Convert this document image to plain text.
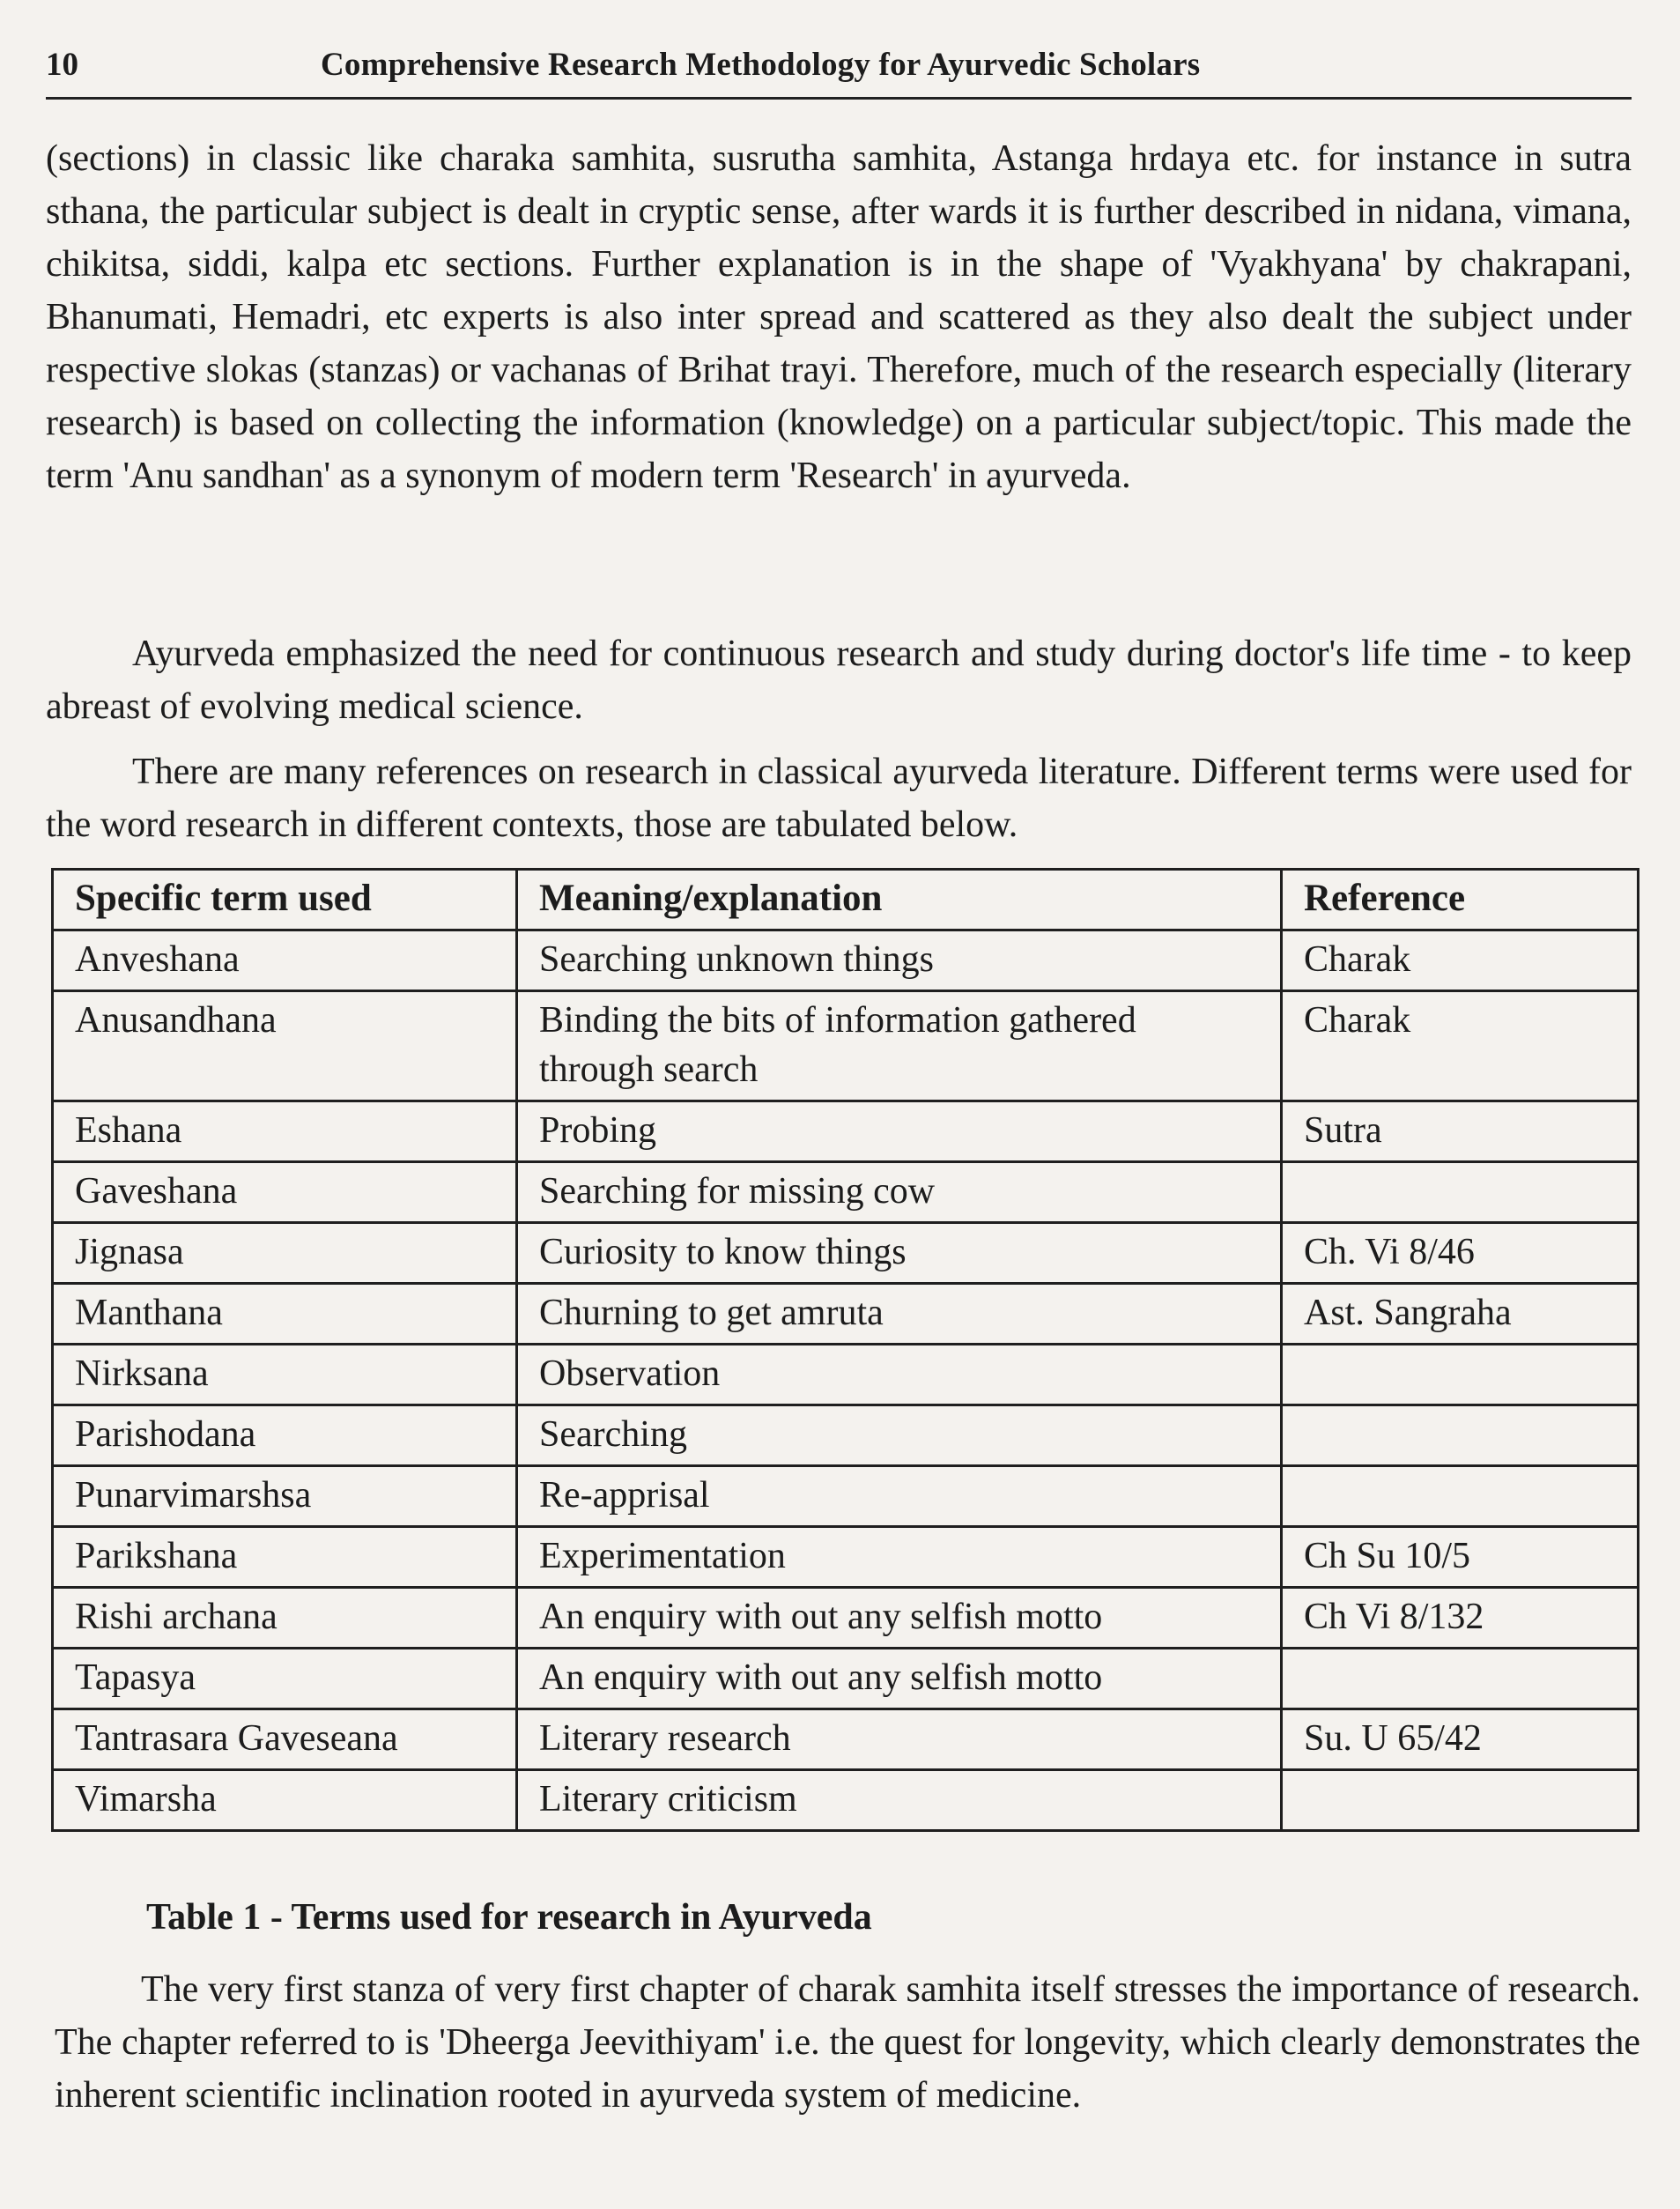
10	Comprehensive Research Methodology for Ayurvedic Scholars

(sections) in classic like charaka samhita, susrutha samhita, Astanga hrdaya etc. for instance in sutra sthana, the particular subject is dealt in cryptic sense, after wards it is further described in nidana, vimana, chikitsa, siddi, kalpa etc sections. Further explanation is in the shape of 'Vyakhyana' by chakrapani, Bhanumati, Hemadri, etc experts is also inter spread and scattered as they also dealt the subject under respective slokas (stanzas) or vachanas of Brihat trayi. Therefore, much of the research especially (literary research) is based on collecting the information (knowledge) on a particular subject/topic. This made the term 'Anu sandhan' as a synonym of modern term 'Research' in ayurveda.

Ayurveda emphasized the need for continuous research and study during doctor's life time - to keep abreast of evolving medical science.

There are many references on research in classical ayurveda literature. Different terms were used for the word research in different contexts, those are tabulated below.

Specific term used	Meaning/explanation	Reference
Anveshana	Searching unknown things	Charak
Anusandhana	Binding the bits of information gathered through search	Charak
Eshana	Probing	Sutra
Gaveshana	Searching for missing cow	
Jignasa	Curiosity to know things	Ch. Vi 8/46
Manthana	Churning to get amruta	Ast. Sangraha
Nirksana	Observation	
Parishodana	Searching	
Punarvimarshsa	Re-apprisal	
Parikshana	Experimentation	Ch Su 10/5
Rishi archana	An enquiry with out any selfish motto	Ch Vi 8/132
Tapasya	An enquiry with out any selfish motto	
Tantrasara Gaveseana	Literary research	Su. U 65/42
Vimarsha	Literary criticism	

Table 1 - Terms used for research in Ayurveda

The very first stanza of very first chapter of charak samhita itself stresses the importance of research. The chapter referred to is 'Dheerga Jeevithiyam' i.e. the quest for longevity, which clearly demonstrates the inherent scientific inclination rooted in ayurveda system of medicine.
